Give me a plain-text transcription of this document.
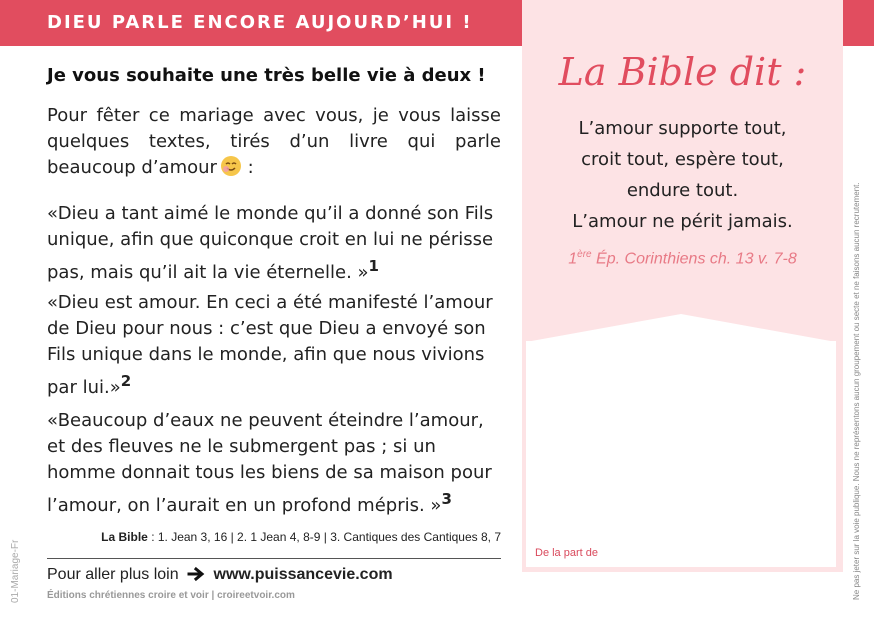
DIEU PARLE ENCORE AUJOURD’HUI !
De la part de
La Bible dit :
L’amour supporte tout,
croit tout, espère tout,
endure tout.
L’amour ne périt jamais.
1ère Ép. Corinthiens ch. 13 v. 7-8
Je vous souhaite une très belle vie à deux !

Pour fêter ce mariage avec vous, je vous laisse quelques textes, tirés d’un livre qui parle beaucoup d’amour :

«Dieu a tant aimé le monde qu’il a donné son Fils unique, afin que quiconque croit en lui ne périsse pas, mais qu’il ait la vie éternelle. »$^1$

«Dieu est amour. En ceci a été manifesté l’amour de Dieu pour nous : c’est que Dieu a envoyé son Fils unique dans le monde, afin que nous vivions par lui.»$^2$

«Beaucoup d’eaux ne peuvent éteindre l’amour, et des fleuves ne le submergent pas ; si un homme donnait tous les biens de sa maison pour l’amour, on l’aurait en un profond mépris. »$^3$

La Bible : 1. Jean 3, 16 | 2. 1 Jean 4, 8-9 | 3. Cantiques des Cantiques 8, 7
Pour aller plus loin www.puissancevie.com
Éditions chrétiennes croire et voir | croireetvoir.com
01-Mariage-Fr	Ne pas jeter sur la voie publique. Nous ne représentons aucun groupement ou secte et ne faisons aucun recrutement.
